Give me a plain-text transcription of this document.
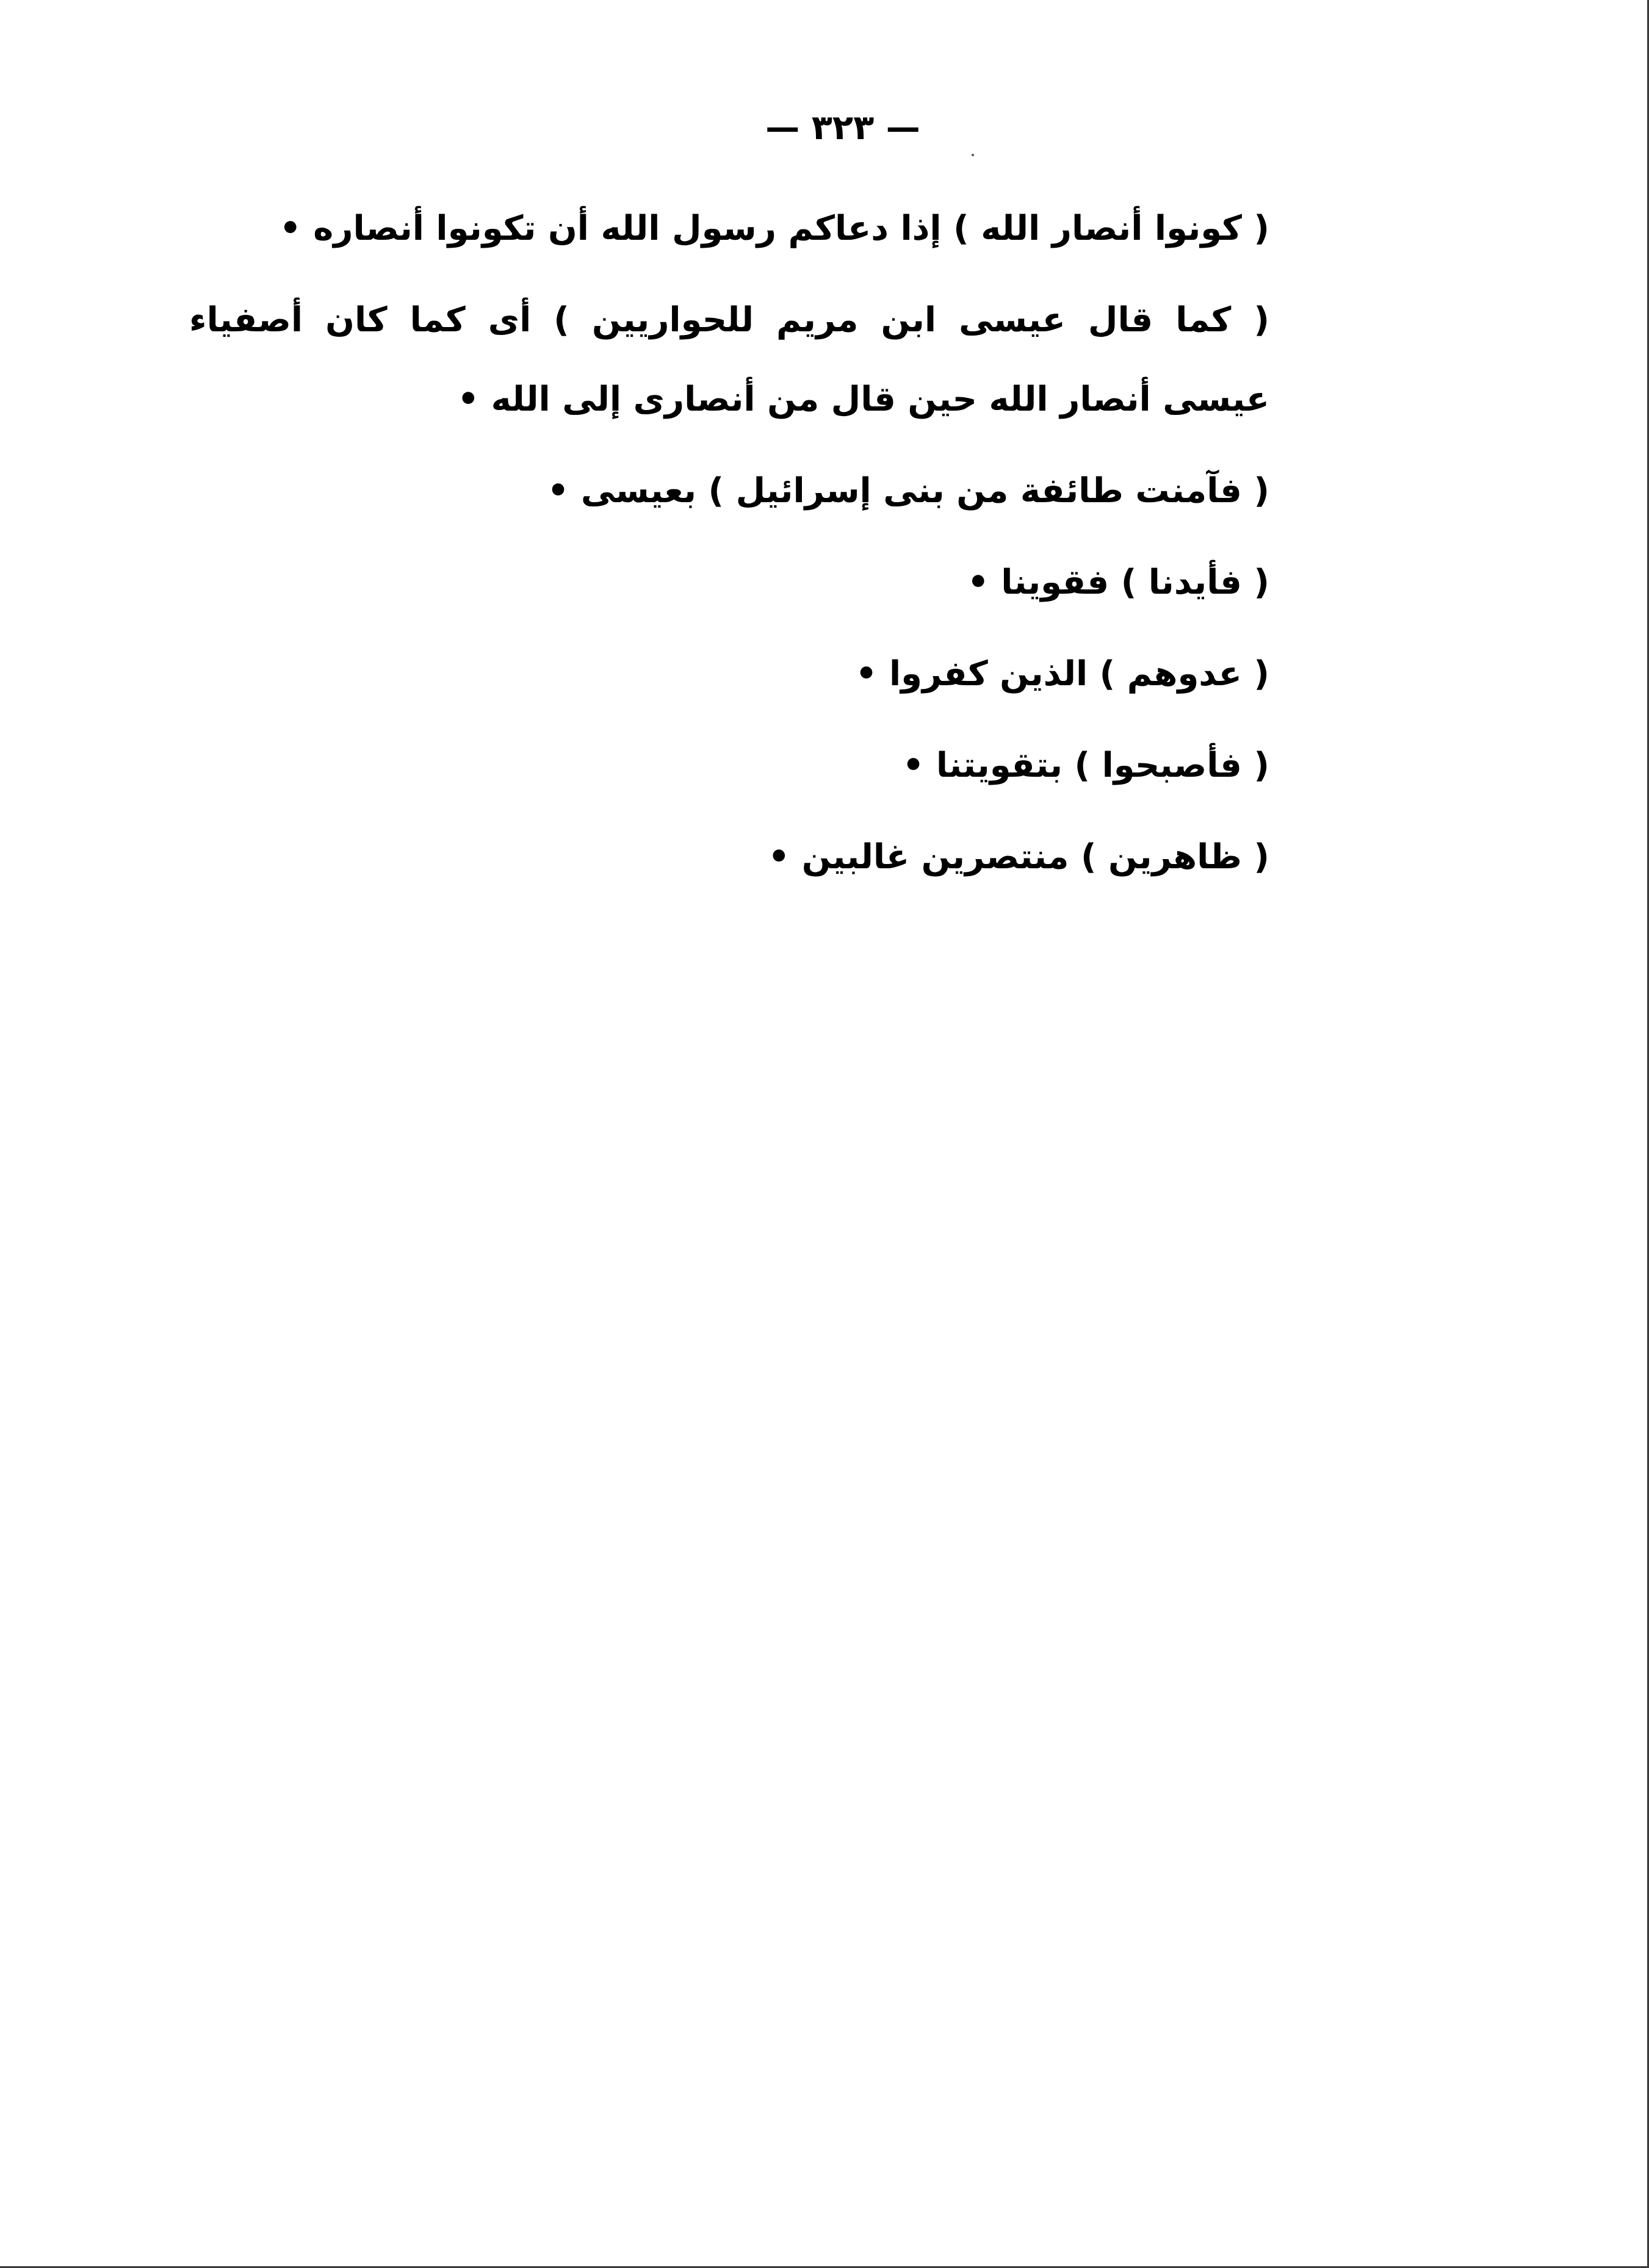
— ٣٢٣ —

( كونوا أنصار الله ) إذا دعاكم رسول الله أن تكونوا أنصاره •

( كما قال عيسى ابن مريم للحواريين ) أى كما كان أصفياء عيسى أنصار الله حين قال من أنصارى إلى الله •

( فآمنت طائفة من بنى إسرائيل ) بعيسى •

( فأيدنا ) فقوينا •

( عدوهم ) الذين كفروا •

( فأصبحوا ) بتقويتنا •

( ظاهرين ) منتصرين غالبين •
